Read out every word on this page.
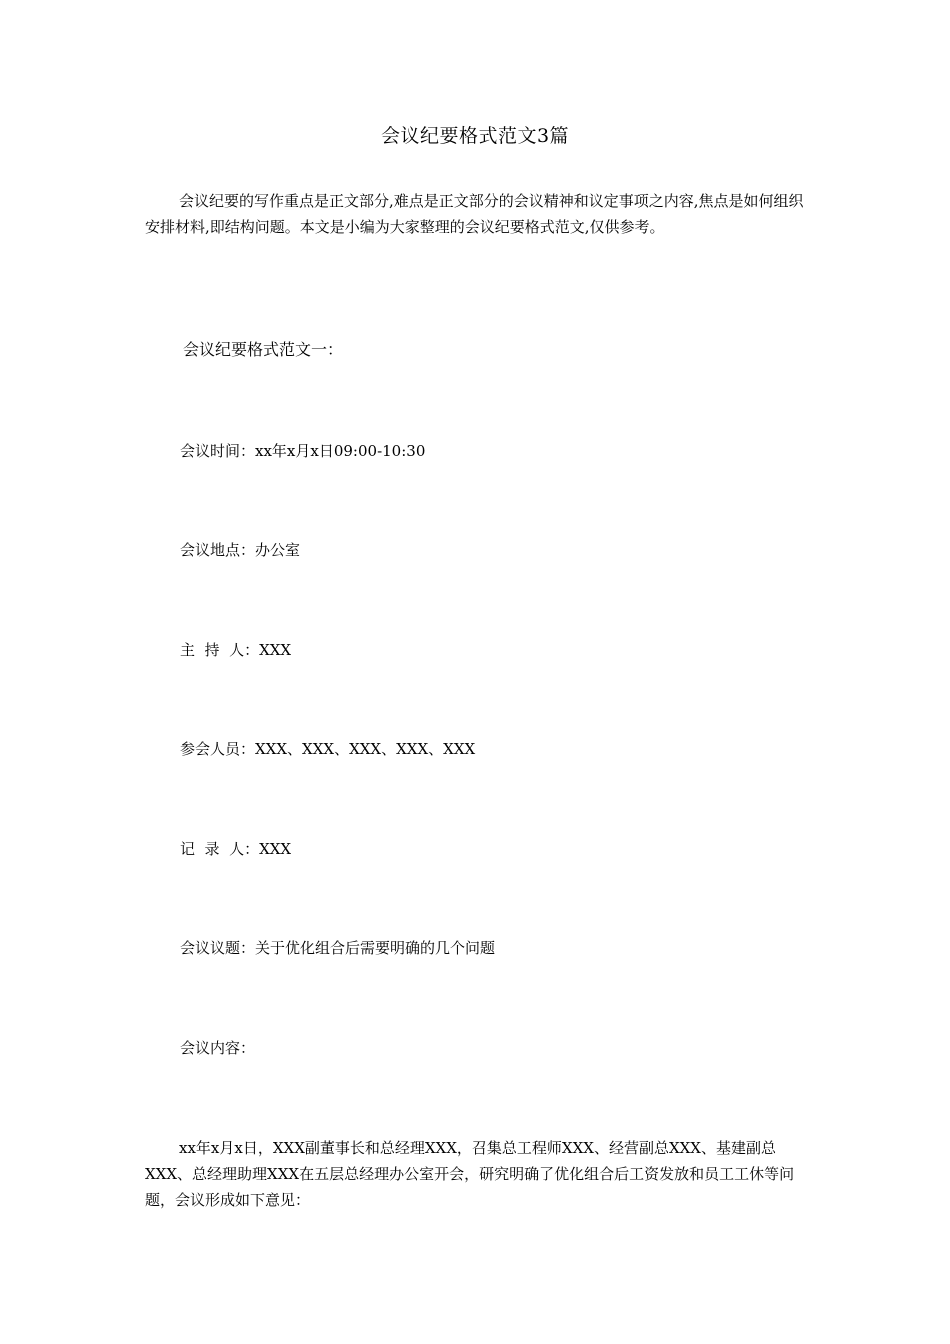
会议纪要格式范文3篇

会议纪要的写作重点是正文部分,难点是正文部分的会议精神和议定事项之内容,焦点是如何组织安排材料,即结构问题。本文是小编为大家整理的会议纪要格式范文,仅供参考。

会议纪要格式范文一：

会议时间：xx年x月x日09:00-10:30

会议地点：办公室

主  持  人：XXX

参会人员：XXX、XXX、XXX、XXX、XXX

记  录  人：XXX

会议议题：关于优化组合后需要明确的几个问题

会议内容：

xx年x月x日，XXX副董事长和总经理XXX，召集总工程师XXX、经营副总XXX、基建副总 XXX、总经理助理XXX在五层总经理办公室开会，研究明确了优化组合后工资发放和员工工休等问题，会议形成如下意见：
